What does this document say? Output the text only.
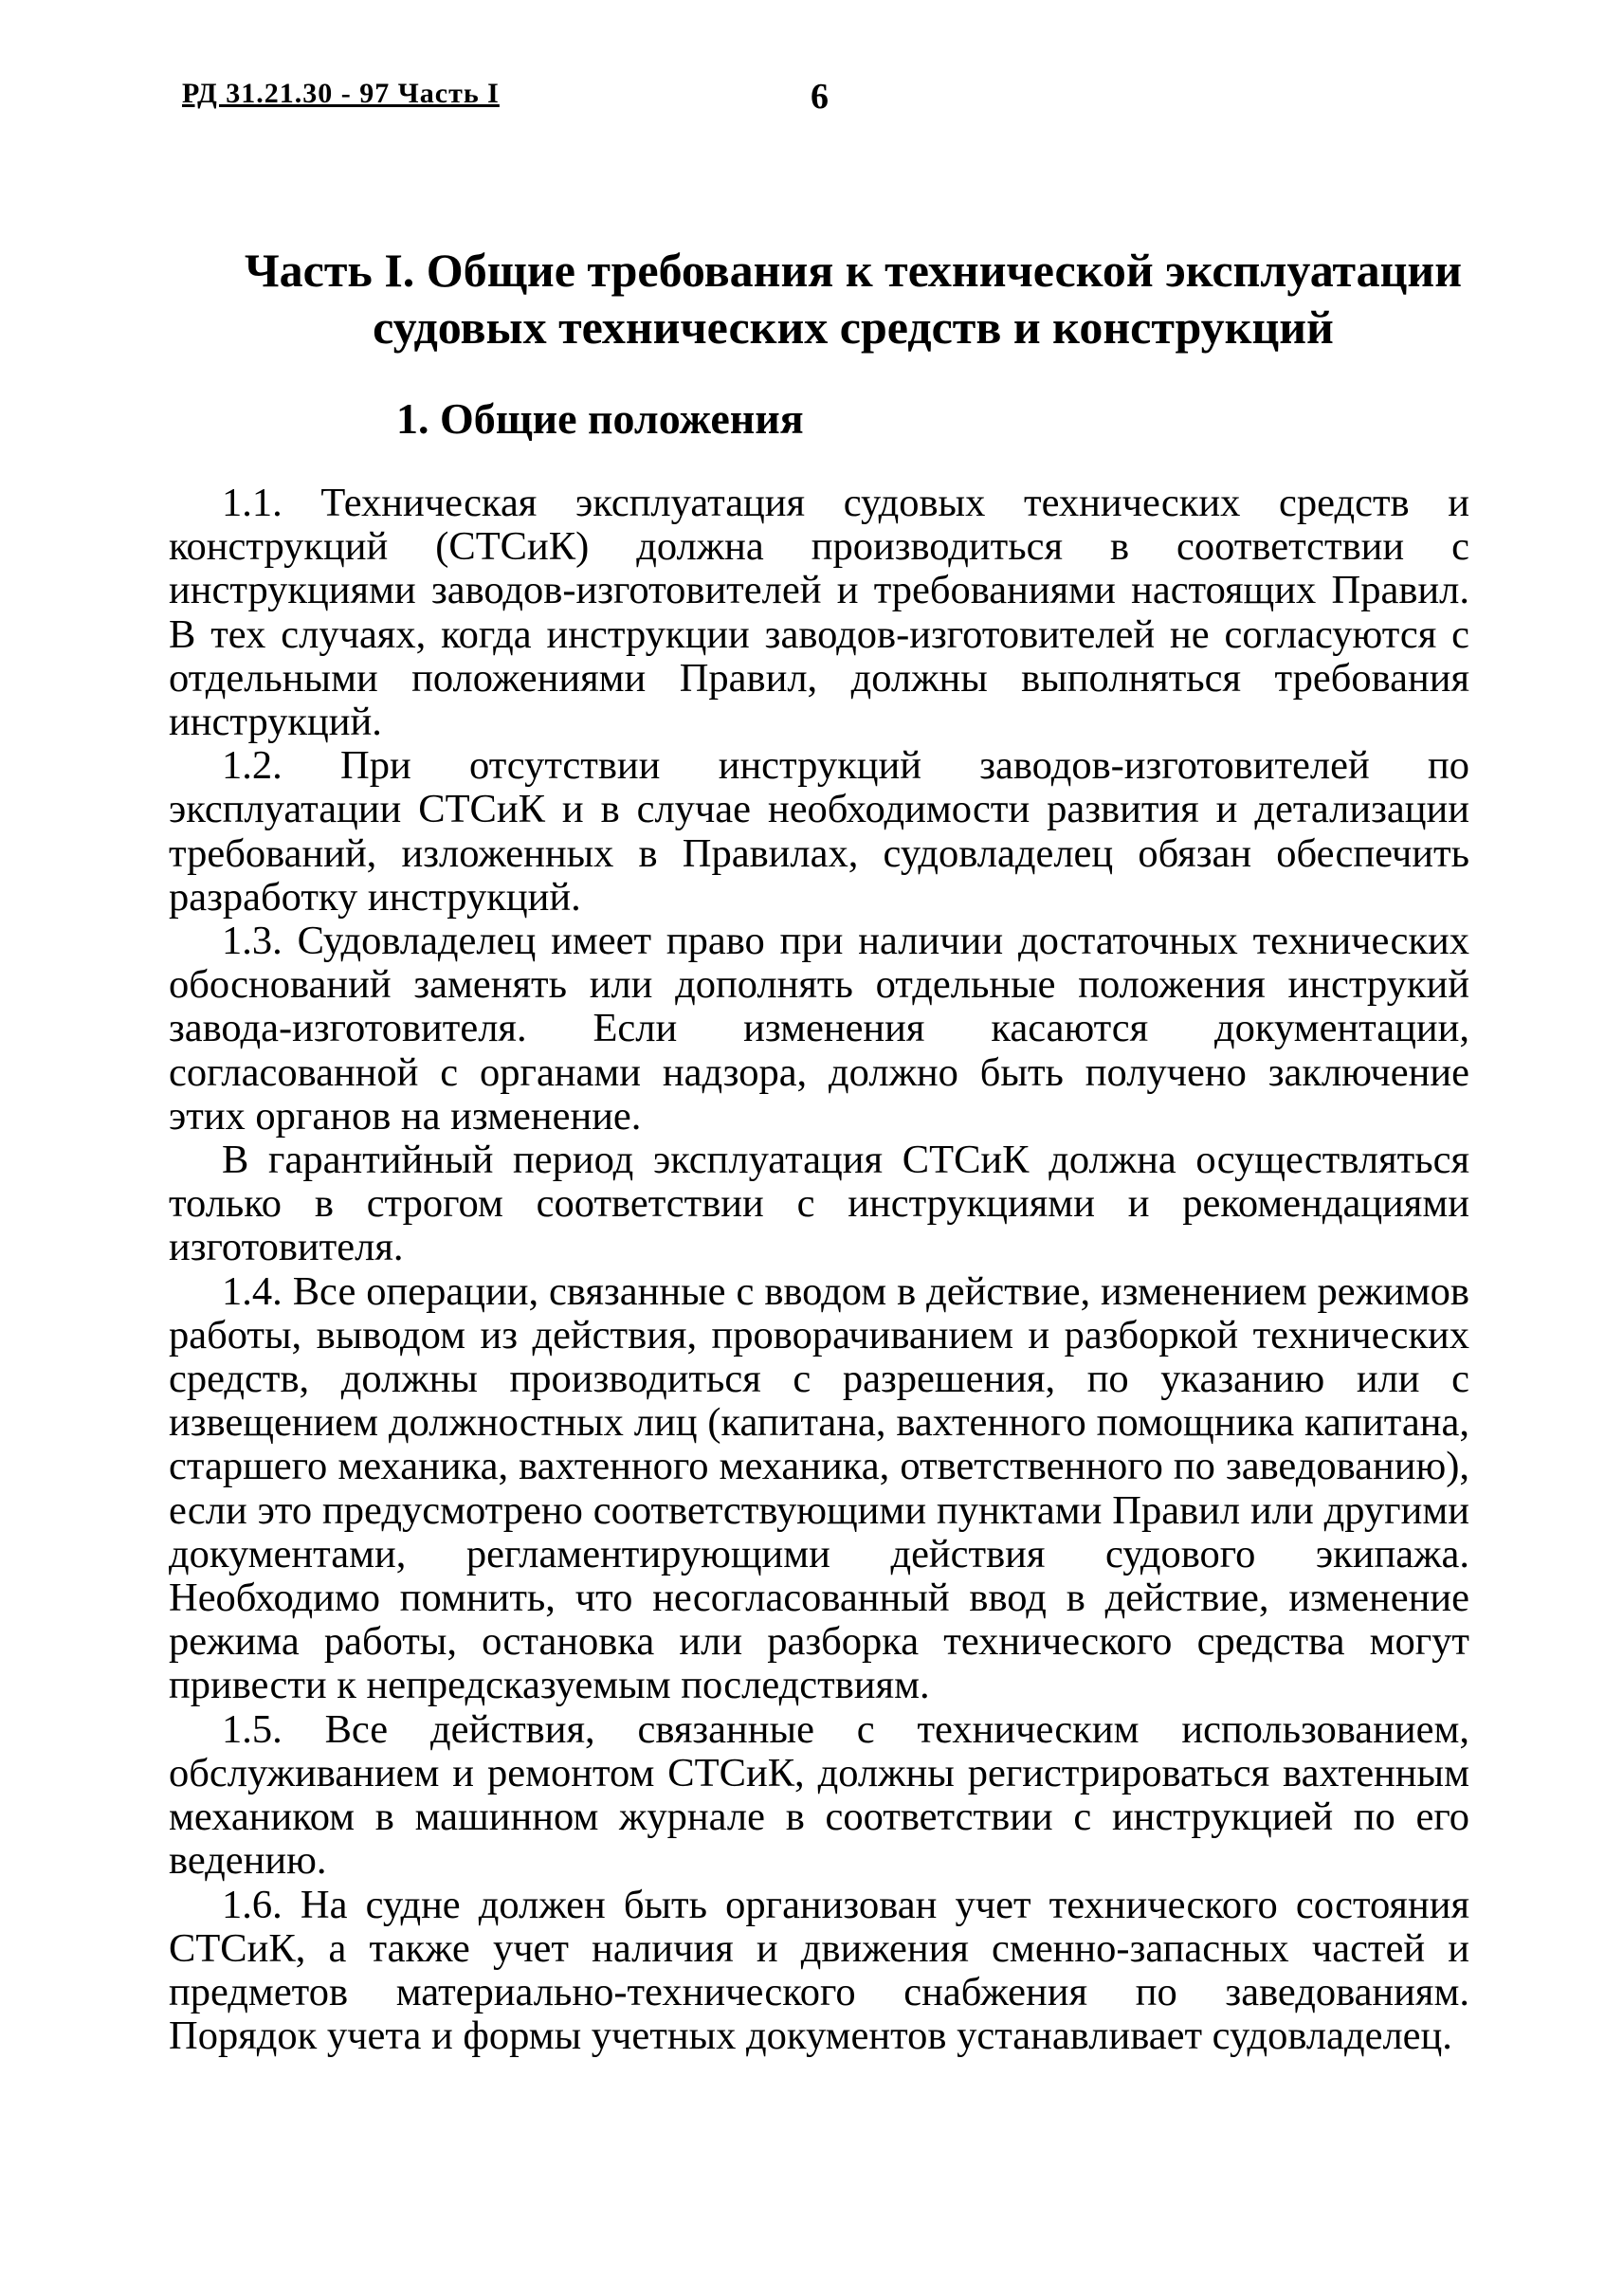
РД 31.21.30 - 97 Часть I	6
Часть I. Общие требования к технической эксплуатации
судовых технических средств и конструкций
1. Общие положения

1.1. Техническая эксплуатация судовых технических средств и конструкций (СТСиК) должна производиться в соответствии с инструкциями заводов-изготовителей и требованиями настоящих Правил. В тех случаях, когда инструкции заводов-изготовителей не согласуются с отдельными положениями Правил, должны выполняться требования инструкций.

1.2. При отсутствии инструкций заводов-изготовителей по эксплуатации СТСиК и в случае необходимости развития и детализации требований, изложенных в Правилах, судовладелец обязан обеспечить разработку инструкций.

1.3. Судовладелец имеет право при наличии достаточных технических обоснований заменять или дополнять отдельные положения инструкий завода-изготовителя. Если изменения касаются документации, согласованной с органами надзора, должно быть получено заключение этих органов на изменение.

В гарантийный период эксплуатация СТСиК должна осуществляться только в строгом соответствии с инструкциями и рекомендациями изготовителя.

1.4. Все операции, связанные с вводом в действие, изменением режимов работы, выводом из действия, проворачиванием и разборкой технических средств, должны производиться с разрешения, по указанию или с извещением должностных лиц (капитана, вахтенного помощника капитана, старшего механика, вахтенного механика, ответственного по заведованию), если это предусмотрено соответствующими пунктами Правил или другими документами, регламентирующими действия судового экипажа. Необходимо помнить, что несогласованный ввод в действие, изменение режима работы, остановка или разборка технического средства могут привести к непредсказуемым последствиям.

1.5. Все действия, связанные с техническим использованием, обслуживанием и ремонтом СТСиК, должны регистрироваться вахтенным механиком в машинном журнале в соответствии с инструкцией по его ведению.

1.6. На судне должен быть организован учет технического состояния СТСиК, а также учет наличия и движения сменно-запасных частей и предметов материально-технического снабжения по заведованиям. Порядок учета и формы учетных документов устанавливает судовладелец.
